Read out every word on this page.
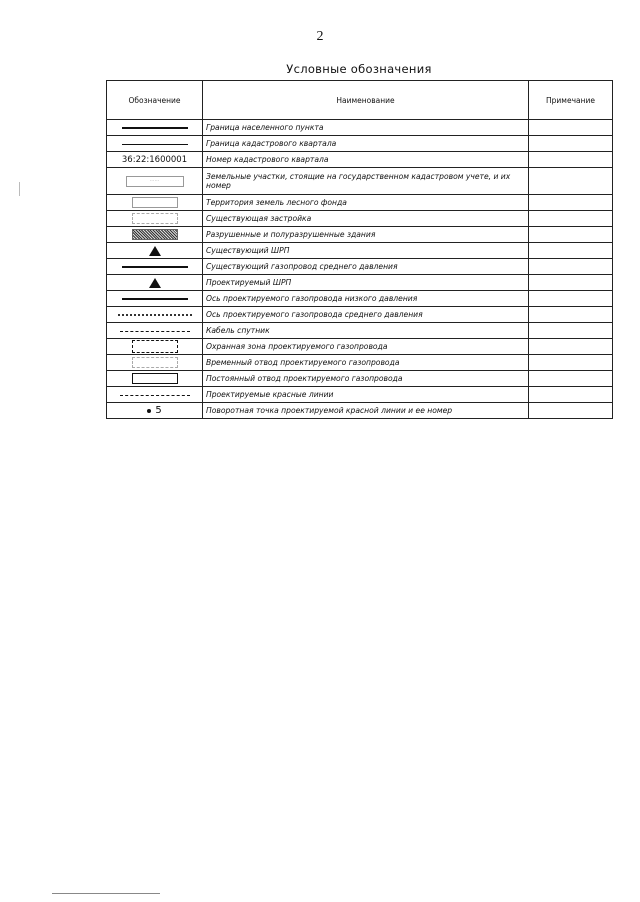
2
Условные обозначения
Обозначение	Наименование	Примечание
	Граница населенного пункта	
	Граница кадастрового квартала	
36:22:1600001	Номер кадастрового квартала	
······	Земельные участки, стоящие на государственном кадастровом учете, и их номер	
	Территория земель лесного фонда	
	Существующая застройка	
	Разрушенные и полуразрушенные здания	
	Существующий ШРП	
	Существующий газопровод среднего давления	
	Проектируемый ШРП	
	Ось проектируемого газопровода низкого давления	
	Ось проектируемого газопровода среднего давления	
	Кабель спутник	
	Охранная зона проектируемого газопровода	
	Временный отвод проектируемого газопровода	
	Постоянный отвод проектируемого газопровода	
	Проектируемые красные линии	
5	Поворотная точка проектируемой красной линии и ее номер	
